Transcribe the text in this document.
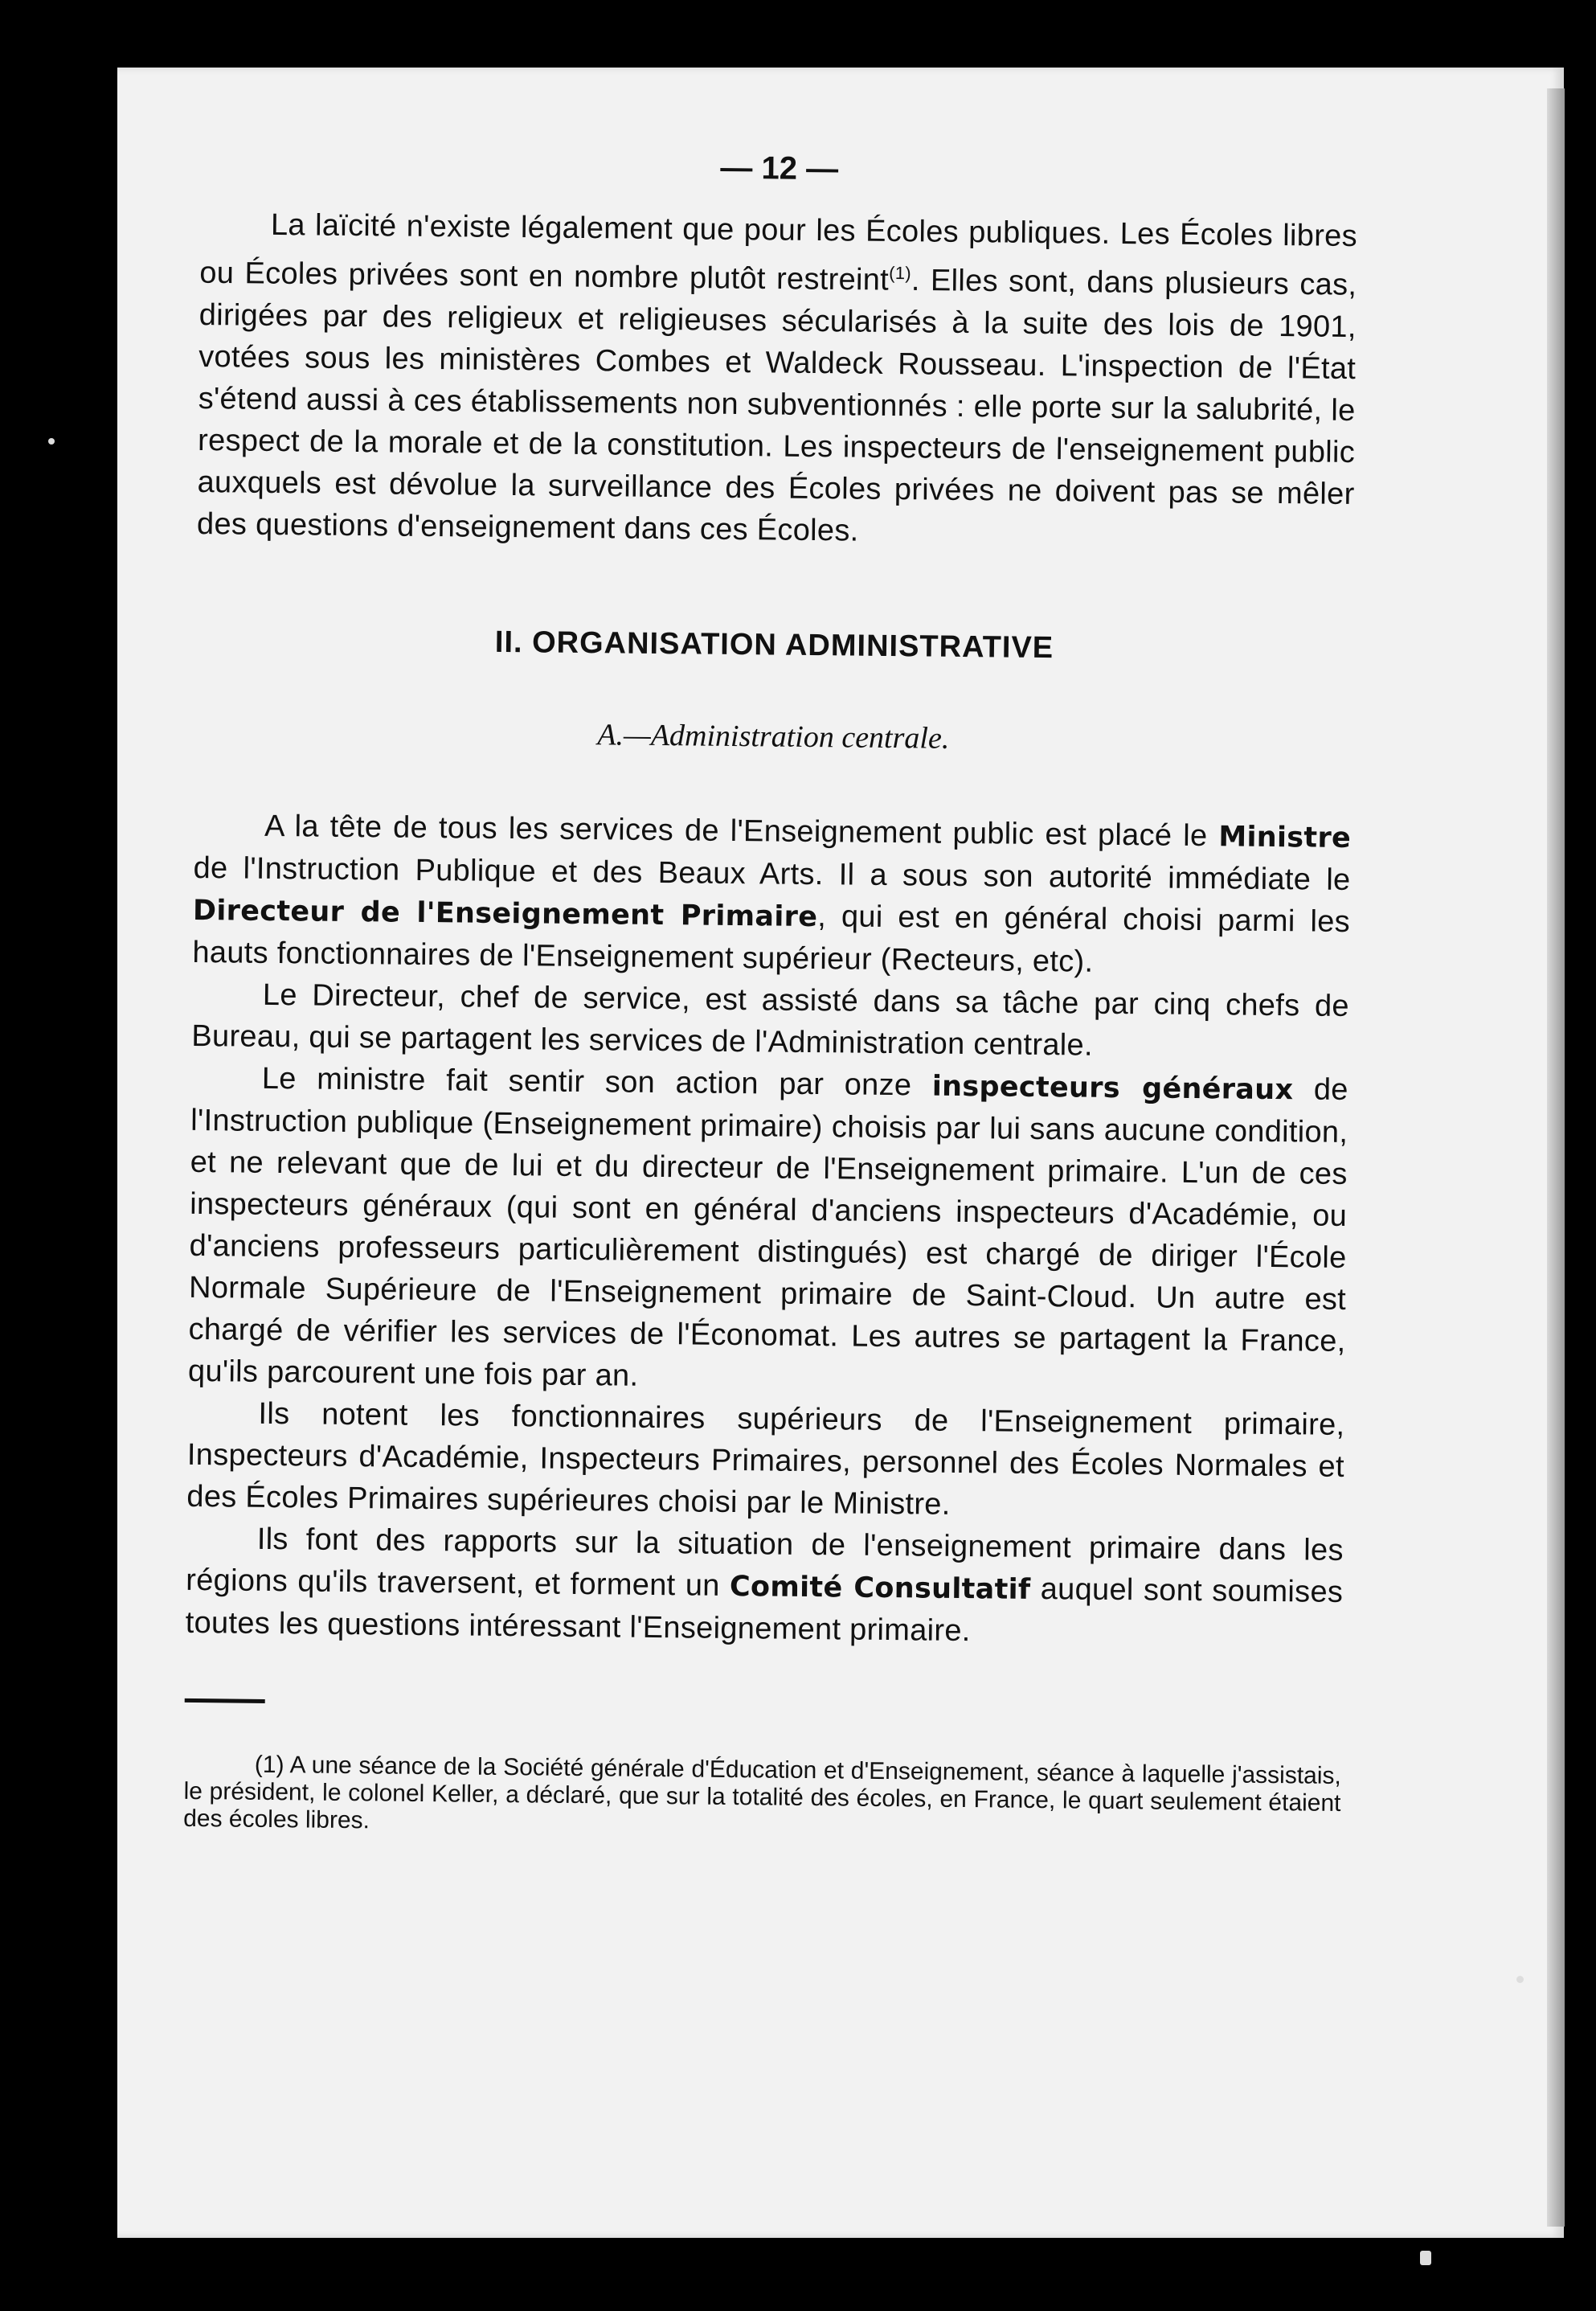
— 12 —

La laïcité n'existe légalement que pour les Écoles publiques. Les Écoles libres ou Écoles privées sont en nombre plutôt restreint$^{(1)}$. Elles sont, dans plusieurs cas, dirigées par des religieux et religieuses sécularisés à la suite des lois de 1901, votées sous les ministères Combes et Waldeck Rousseau. L'inspection de l'État s'étend aussi à ces établissements non subventionnés : elle porte sur la salubrité, le respect de la morale et de la constitution. Les inspecteurs de l'enseignement public auxquels est dévolue la surveillance des Écoles privées ne doivent pas se mêler des questions d'enseignement dans ces Écoles.

II. ORGANISATION ADMINISTRATIVE
A.—Administration centrale.

A la tête de tous les services de l'Enseignement public est placé le Ministre de l'Instruction Publique et des Beaux Arts. Il a sous son autorité immédiate le Directeur de l'Enseignement Primaire, qui est en général choisi parmi les hauts fonctionnaires de l'Enseignement supérieur (Recteurs, etc).

Le Directeur, chef de service, est assisté dans sa tâche par cinq chefs de Bureau, qui se partagent les services de l'Administration centrale.

Le ministre fait sentir son action par onze inspecteurs généraux de l'Instruction publique (Enseignement primaire) choisis par lui sans aucune condition, et ne relevant que de lui et du directeur de l'Enseignement primaire. L'un de ces inspecteurs généraux (qui sont en général d'anciens inspecteurs d'Académie, ou d'anciens professeurs particulièrement distingués) est chargé de diriger l'École Normale Supérieure de l'Enseignement primaire de Saint-Cloud. Un autre est chargé de vérifier les services de l'Économat. Les autres se partagent la France, qu'ils parcourent une fois par an.

Ils notent les fonctionnaires supérieurs de l'Enseignement primaire, Inspecteurs d'Académie, Inspecteurs Primaires, personnel des Écoles Normales et des Écoles Primaires supérieures choisi par le Ministre.

Ils font des rapports sur la situation de l'enseignement primaire dans les régions qu'ils traversent, et forment un Comité Consultatif auquel sont soumises toutes les questions intéressant l'Enseignement primaire.

(1) A une séance de la Société générale d'Éducation et d'Enseignement, séance à laquelle j'assistais, le président, le colonel Keller, a déclaré, que sur la totalité des écoles, en France, le quart seulement étaient des écoles libres.
